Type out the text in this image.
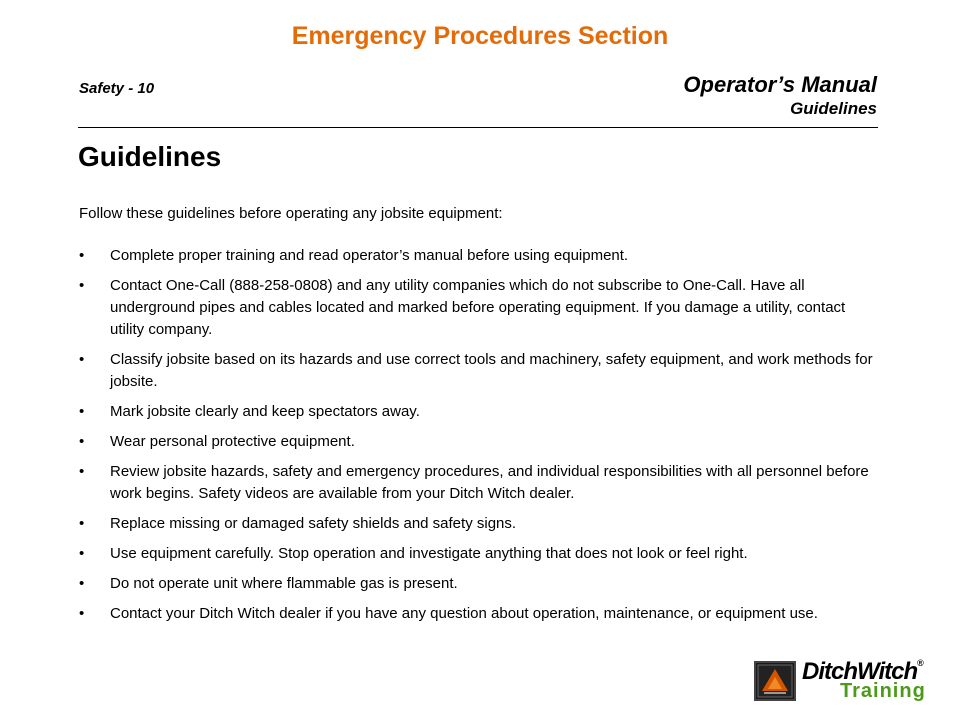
Emergency Procedures Section
Safety - 10	Operator’s Manual
Guidelines
Guidelines

Follow these guidelines before operating any jobsite equipment:

• Complete proper training and read operator’s manual before using equipment.
• Contact One-Call (888-258-0808) and any utility companies which do not subscribe to One-Call. Have all underground pipes and cables located and marked before operating equipment. If you damage a utility, contact utility company.
• Classify jobsite based on its hazards and use correct tools and machinery, safety equipment, and work methods for jobsite.
• Mark jobsite clearly and keep spectators away.
• Wear personal protective equipment.
• Review jobsite hazards, safety and emergency procedures, and individual responsibilities with all personnel before work begins. Safety videos are available from your Ditch Witch dealer.
• Replace missing or damaged safety shields and safety signs.
• Use equipment carefully. Stop operation and investigate anything that does not look or feel right.
• Do not operate unit where flammable gas is present.
• Contact your Ditch Witch dealer if you have any question about operation, maintenance, or equipment use.
DitchWitch®
Training
